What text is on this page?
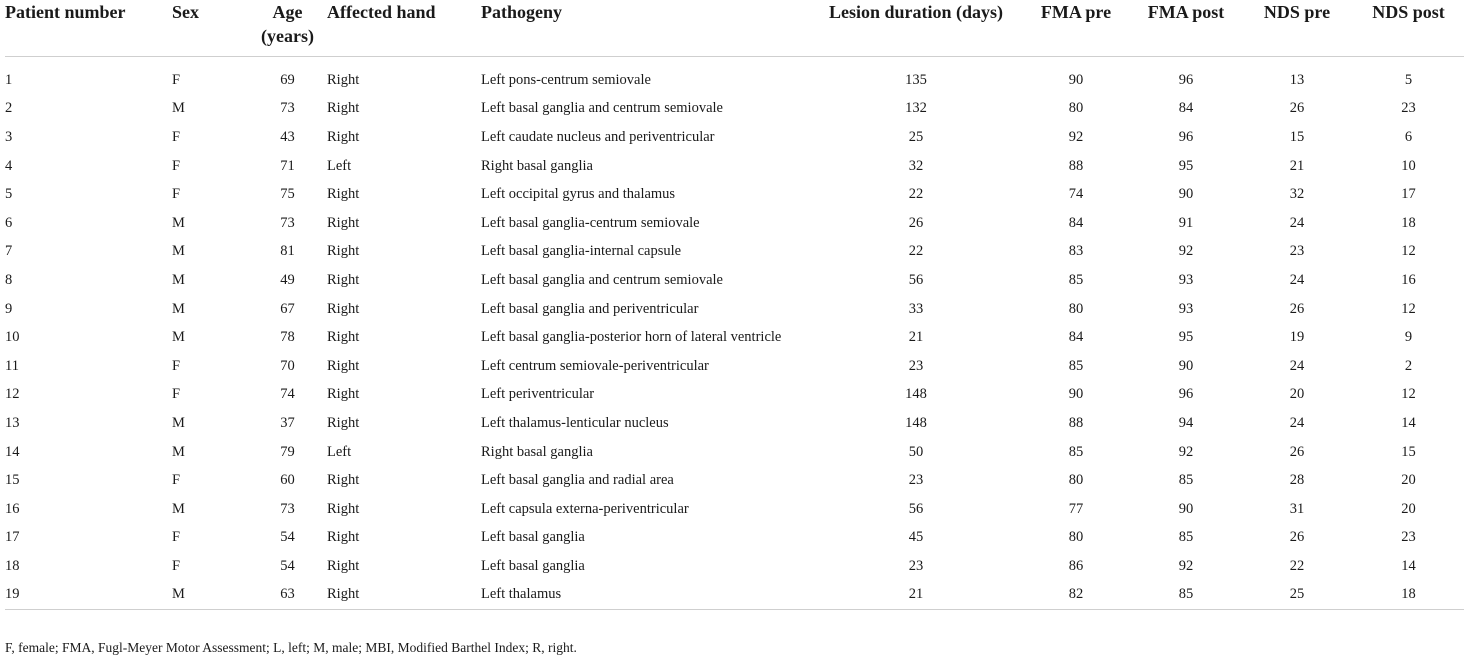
Patient number	Sex	Age (years)	Affected hand	Pathogeny	Lesion duration (days)	FMA pre	FMA post	NDS pre	NDS post

1	F	69	Right	Left pons-centrum semiovale	135	90	96	13	5
2	M	73	Right	Left basal ganglia and centrum semiovale	132	80	84	26	23
3	F	43	Right	Left caudate nucleus and periventricular	25	92	96	15	6
4	F	71	Left	Right basal ganglia	32	88	95	21	10
5	F	75	Right	Left occipital gyrus and thalamus	22	74	90	32	17
6	M	73	Right	Left basal ganglia-centrum semiovale	26	84	91	24	18
7	M	81	Right	Left basal ganglia-internal capsule	22	83	92	23	12
8	M	49	Right	Left basal ganglia and centrum semiovale	56	85	93	24	16
9	M	67	Right	Left basal ganglia and periventricular	33	80	93	26	12
10	M	78	Right	Left basal ganglia-posterior horn of lateral ventricle	21	84	95	19	9
11	F	70	Right	Left centrum semiovale-periventricular	23	85	90	24	2
12	F	74	Right	Left periventricular	148	90	96	20	12
13	M	37	Right	Left thalamus-lenticular nucleus	148	88	94	24	14
14	M	79	Left	Right basal ganglia	50	85	92	26	15
15	F	60	Right	Left basal ganglia and radial area	23	80	85	28	20
16	M	73	Right	Left capsula externa-periventricular	56	77	90	31	20
17	F	54	Right	Left basal ganglia	45	80	85	26	23
18	F	54	Right	Left basal ganglia	23	86	92	22	14
19	M	63	Right	Left thalamus	21	82	85	25	18
F, female; FMA, Fugl-Meyer Motor Assessment; L, left; M, male; MBI, Modified Barthel Index; R, right.
